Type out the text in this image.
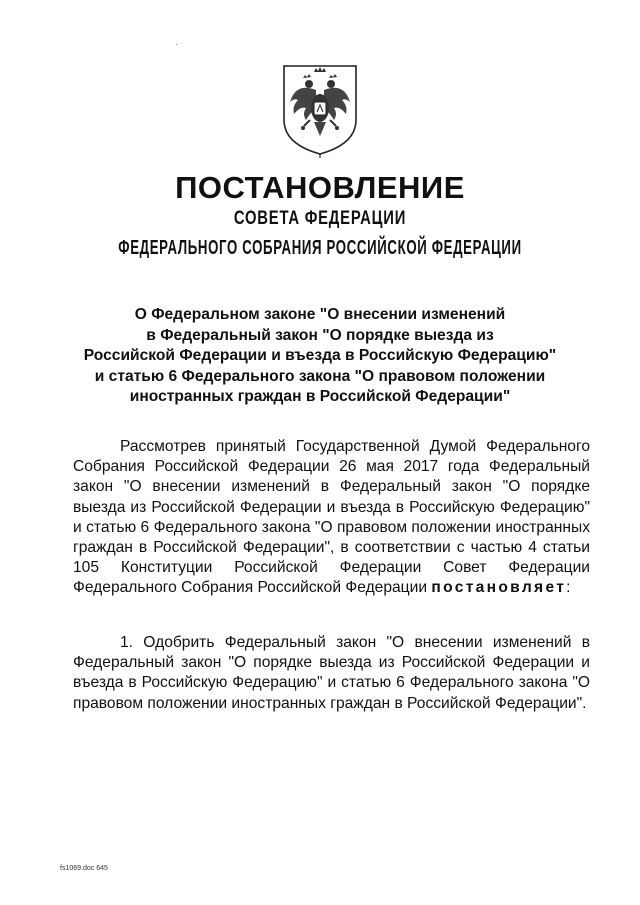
ПОСТАНОВЛЕНИЕ
СОВЕТА ФЕДЕРАЦИИ
ФЕДЕРАЛЬНОГО СОБРАНИЯ РОССИЙСКОЙ ФЕДЕРАЦИИ
О Федеральном законе "О внесении изменений
в Федеральный закон "О порядке выезда из
Российской Федерации и въезда в Российскую Федерацию"
и статью 6 Федерального закона "О правовом положении
иностранных граждан в Российской Федерации"
Рассмотрев принятый Государственной Думой Федерального Собрания Российской Федерации 26 мая 2017 года Федеральный закон "О внесении изменений в Федеральный закон "О порядке выезда из Российской Федерации и въезда в Российскую Федерацию" и статью 6 Федерального закона "О правовом положении иностранных граждан в Российской Федерации", в соответствии с частью 4 статьи 105 Конституции Российской Федерации Совет Федерации Федерального Собрания Российской Федерации постановляет:
1. Одобрить Федеральный закон "О внесении изменений в Федеральный закон "О порядке выезда из Российской Федерации и въезда в Российскую Федерацию" и статью 6 Федерального закона "О правовом положении иностранных граждан в Российской Федерации".
fs1069.doc 645
